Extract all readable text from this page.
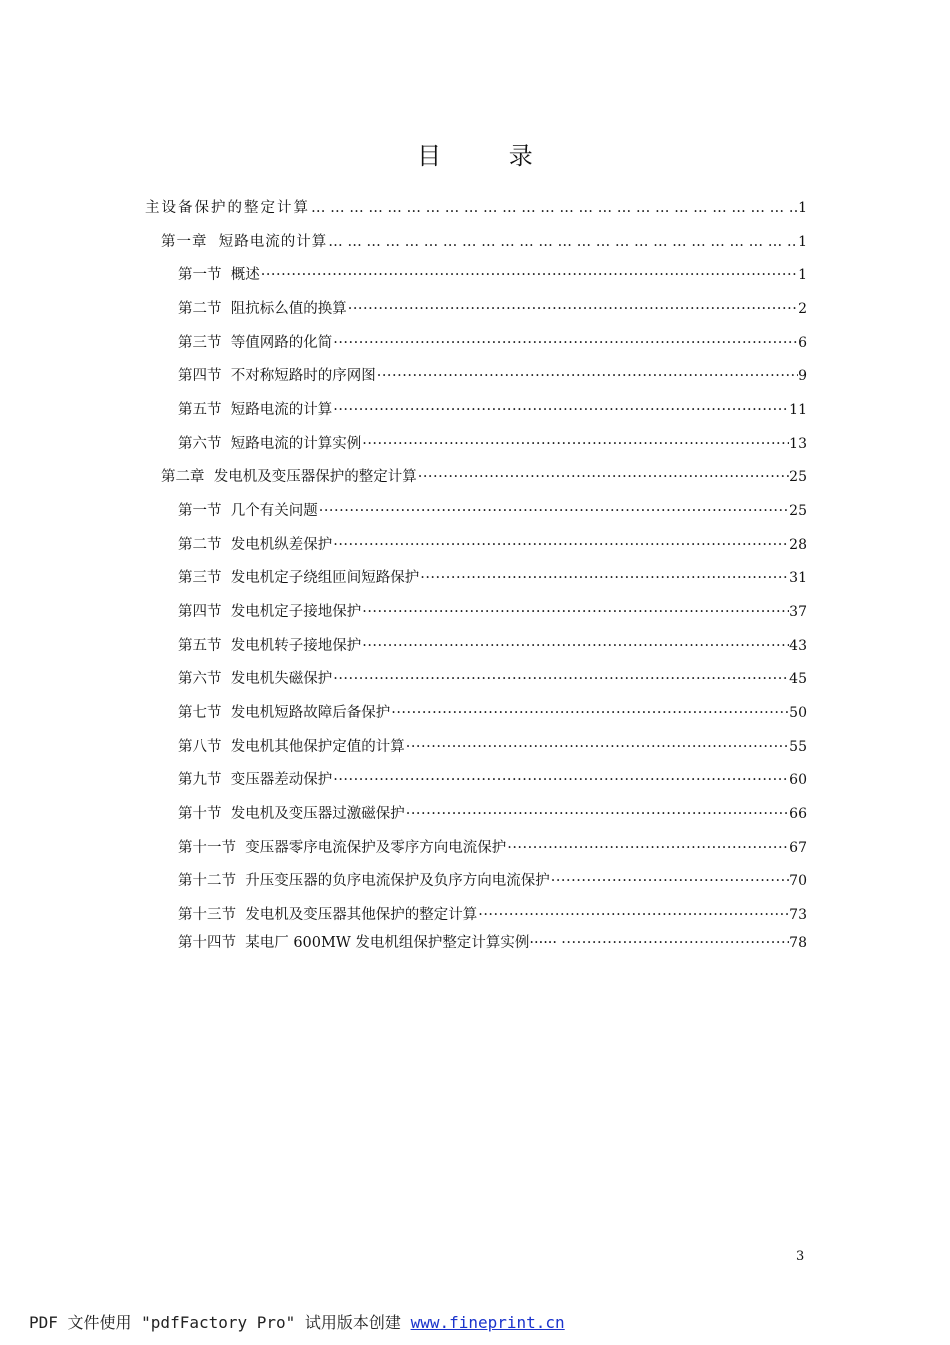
目 录
主设备保护的整定计算 … … … … … … … … … … … … … … … … … … … … … … … … … … … … … … … … … … … … … … … … … … … … … … … … … … … … … … … … … … … … … … … …	1
第一章  短路电流的计算 … … … … … … … … … … … … … … … … … … … … … … … … … … … … … … … … … … … … … … … … … … … … … … … … … … … … … … … … … … … … … … … …	1
第一节  概述 ·····	1
第二节  阻抗标么值的换算 ·····	2
第三节  等值网路的化简 ·····	6
第四节  不对称短路时的序网图 ·····	9
第五节  短路电流的计算 ·····	11
第六节  短路电流的计算实例 ·····	13
第二章  发电机及变压器保护的整定计算 ·····	25
第一节  几个有关问题 ·····	25
第二节  发电机纵差保护 ·····	28
第三节  发电机定子绕组匝间短路保护 ·····	31
第四节  发电机定子接地保护 ·····	37
第五节  发电机转子接地保护 ·····	43
第六节  发电机失磁保护 ·····	45
第七节  发电机短路故障后备保护 ·····	50
第八节  发电机其他保护定值的计算 ·····	55
第九节  变压器差动保护 ·····	60
第十节  发电机及变压器过激磁保护 ·····	66
第十一节  变压器零序电流保护及零序方向电流保护 ·····	67
第十二节  升压变压器的负序电流保护及负序方向电流保护 ·····	70
第十三节  发电机及变压器其他保护的整定计算 ·····	73
第十四节  某电厂 600MW 发电机组保护整定计算实例······ ·····	78
3
PDF 文件使用 "pdfFactory Pro" 试用版本创建 www.fineprint.cn
